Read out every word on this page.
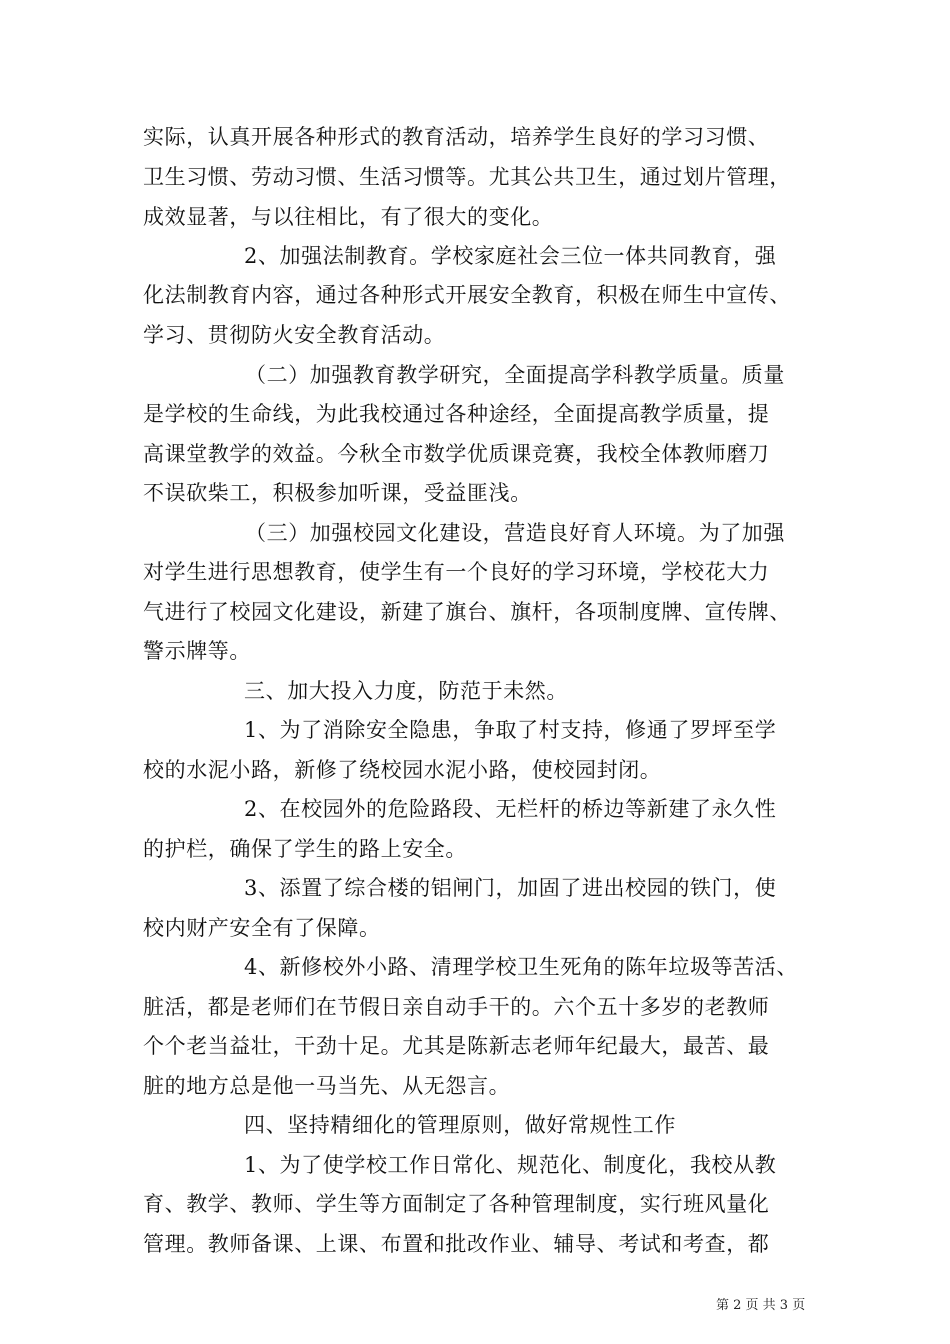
实际，认真开展各种形式的教育活动，培养学生良好的学习习惯、
卫生习惯、劳动习惯、生活习惯等。尤其公共卫生，通过划片管理，
成效显著，与以往相比，有了很大的变化。
2、加强法制教育。学校家庭社会三位一体共同教育，强
化法制教育内容，通过各种形式开展安全教育，积极在师生中宣传、
学习、贯彻防火安全教育活动。
（二）加强教育教学研究，全面提高学科教学质量。质量
是学校的生命线，为此我校通过各种途经，全面提高教学质量，提
高课堂教学的效益。今秋全市数学优质课竞赛，我校全体教师磨刀
不误砍柴工，积极参加听课，受益匪浅。
（三）加强校园文化建设，营造良好育人环境。为了加强
对学生进行思想教育，使学生有一个良好的学习环境，学校花大力
气进行了校园文化建设，新建了旗台、旗杆，各项制度牌、宣传牌、
警示牌等。
三、加大投入力度，防范于未然。
1、为了消除安全隐患，争取了村支持，修通了罗坪至学
校的水泥小路，新修了绕校园水泥小路，使校园封闭。
2、在校园外的危险路段、无栏杆的桥边等新建了永久性
的护栏，确保了学生的路上安全。
3、添置了综合楼的铝闸门，加固了进出校园的铁门，使
校内财产安全有了保障。
4、新修校外小路、清理学校卫生死角的陈年垃圾等苦活、
脏活，都是老师们在节假日亲自动手干的。六个五十多岁的老教师
个个老当益壮，干劲十足。尤其是陈新志老师年纪最大，最苦、最
脏的地方总是他一马当先、从无怨言。
四、坚持精细化的管理原则，做好常规性工作
1、为了使学校工作日常化、规范化、制度化，我校从教
育、教学、教师、学生等方面制定了各种管理制度，实行班风量化
管理。教师备课、上课、布置和批改作业、辅导、考试和考查，都
第 2 页 共 3 页
